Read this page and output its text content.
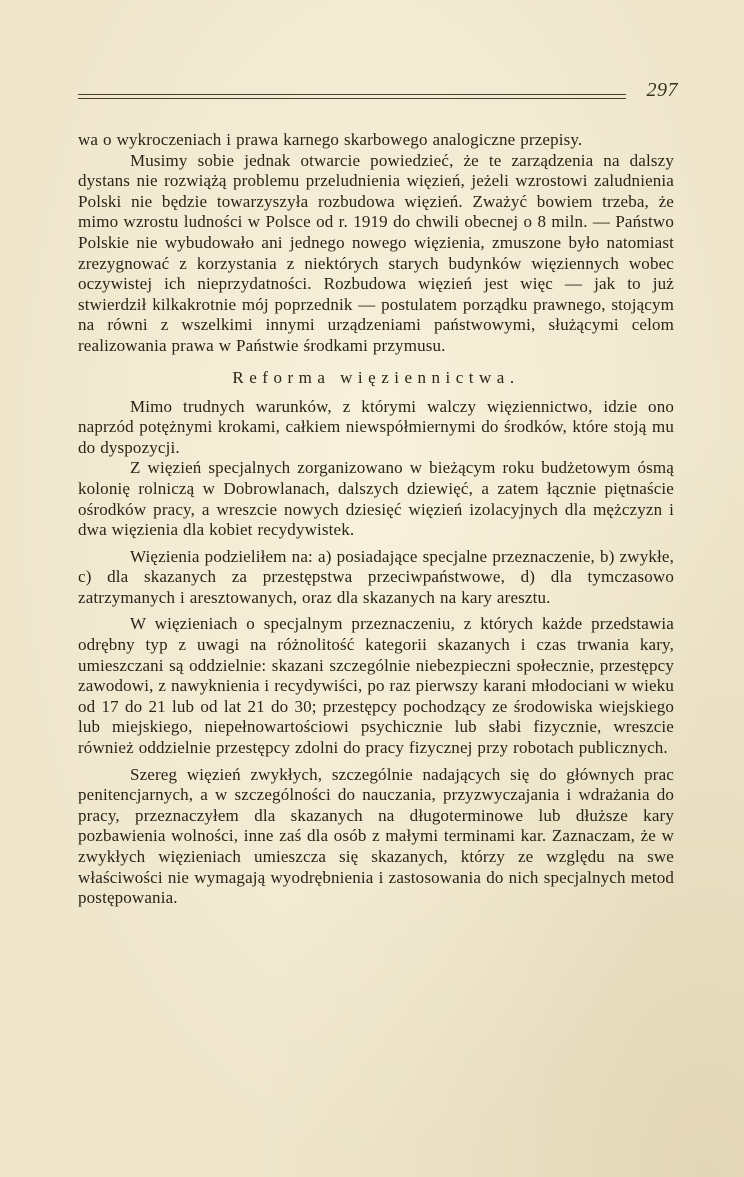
297

wa o wykroczeniach i prawa karnego skarbowego analogiczne przepisy.

Musimy sobie jednak otwarcie powiedzieć, że te zarządzenia na dalszy dystans nie rozwiążą problemu przeludnienia więzień, jeżeli wzrostowi zaludnienia Polski nie będzie towarzyszyła rozbudowa więzień. Zważyć bowiem trzeba, że mimo wzrostu ludności w Polsce od r. 1919 do chwili obecnej o 8 miln. — Państwo Polskie nie wybudowało ani jednego nowego więzienia, zmuszone było natomiast zrezygnować z korzystania z niektórych starych budynków więziennych wobec oczywistej ich nieprzydatności. Rozbudowa więzień jest więc — jak to już stwierdził kilkakrotnie mój poprzednik — postulatem porządku prawnego, stojącym na równi z wszelkimi innymi urządzeniami państwowymi, służącymi celom realizowania prawa w Państwie środkami przymusu.

Reforma więziennictwa.

Mimo trudnych warunków, z którymi walczy więziennictwo, idzie ono naprzód potężnymi krokami, całkiem niewspółmiernymi do środków, które stoją mu do dyspozycji.

Z więzień specjalnych zorganizowano w bieżącym roku budżetowym ósmą kolonię rolniczą w Dobrowlanach, dalszych dziewięć, a zatem łącznie piętnaście ośrodków pracy, a wreszcie nowych dziesięć więzień izolacyjnych dla mężczyzn i dwa więzienia dla kobiet recydywistek.

Więzienia podzieliłem na: a) posiadające specjalne przeznaczenie, b) zwykłe, c) dla skazanych za przestępstwa przeciwpaństwowe, d) dla tymczasowo zatrzymanych i aresztowanych, oraz dla skazanych na kary aresztu.

W więzieniach o specjalnym przeznaczeniu, z których każde przedstawia odrębny typ z uwagi na różnolitość kategorii skazanych i czas trwania kary, umieszczani są oddzielnie: skazani szczególnie niebezpieczni społecznie, przestępcy zawodowi, z nawyknienia i recydywiści, po raz pierwszy karani młodociani w wieku od 17 do 21 lub od lat 21 do 30; przestępcy pochodzący ze środowiska wiejskiego lub miejskiego, niepełnowartościowi psychicznie lub słabi fizycznie, wreszcie również oddzielnie przestępcy zdolni do pracy fizycznej przy robotach publicznych.

Szereg więzień zwykłych, szczególnie nadających się do głównych prac penitencjarnych, a w szczególności do nauczania, przyzwyczajania i wdrażania do pracy, przeznaczyłem dla skazanych na długoterminowe lub dłuższe kary pozbawienia wolności, inne zaś dla osób z małymi terminami kar. Zaznaczam, że w zwykłych więzieniach umieszcza się skazanych, którzy ze względu na swe właściwości nie wymagają wyodrębnienia i zastosowania do nich specjalnych metod postępowania.
